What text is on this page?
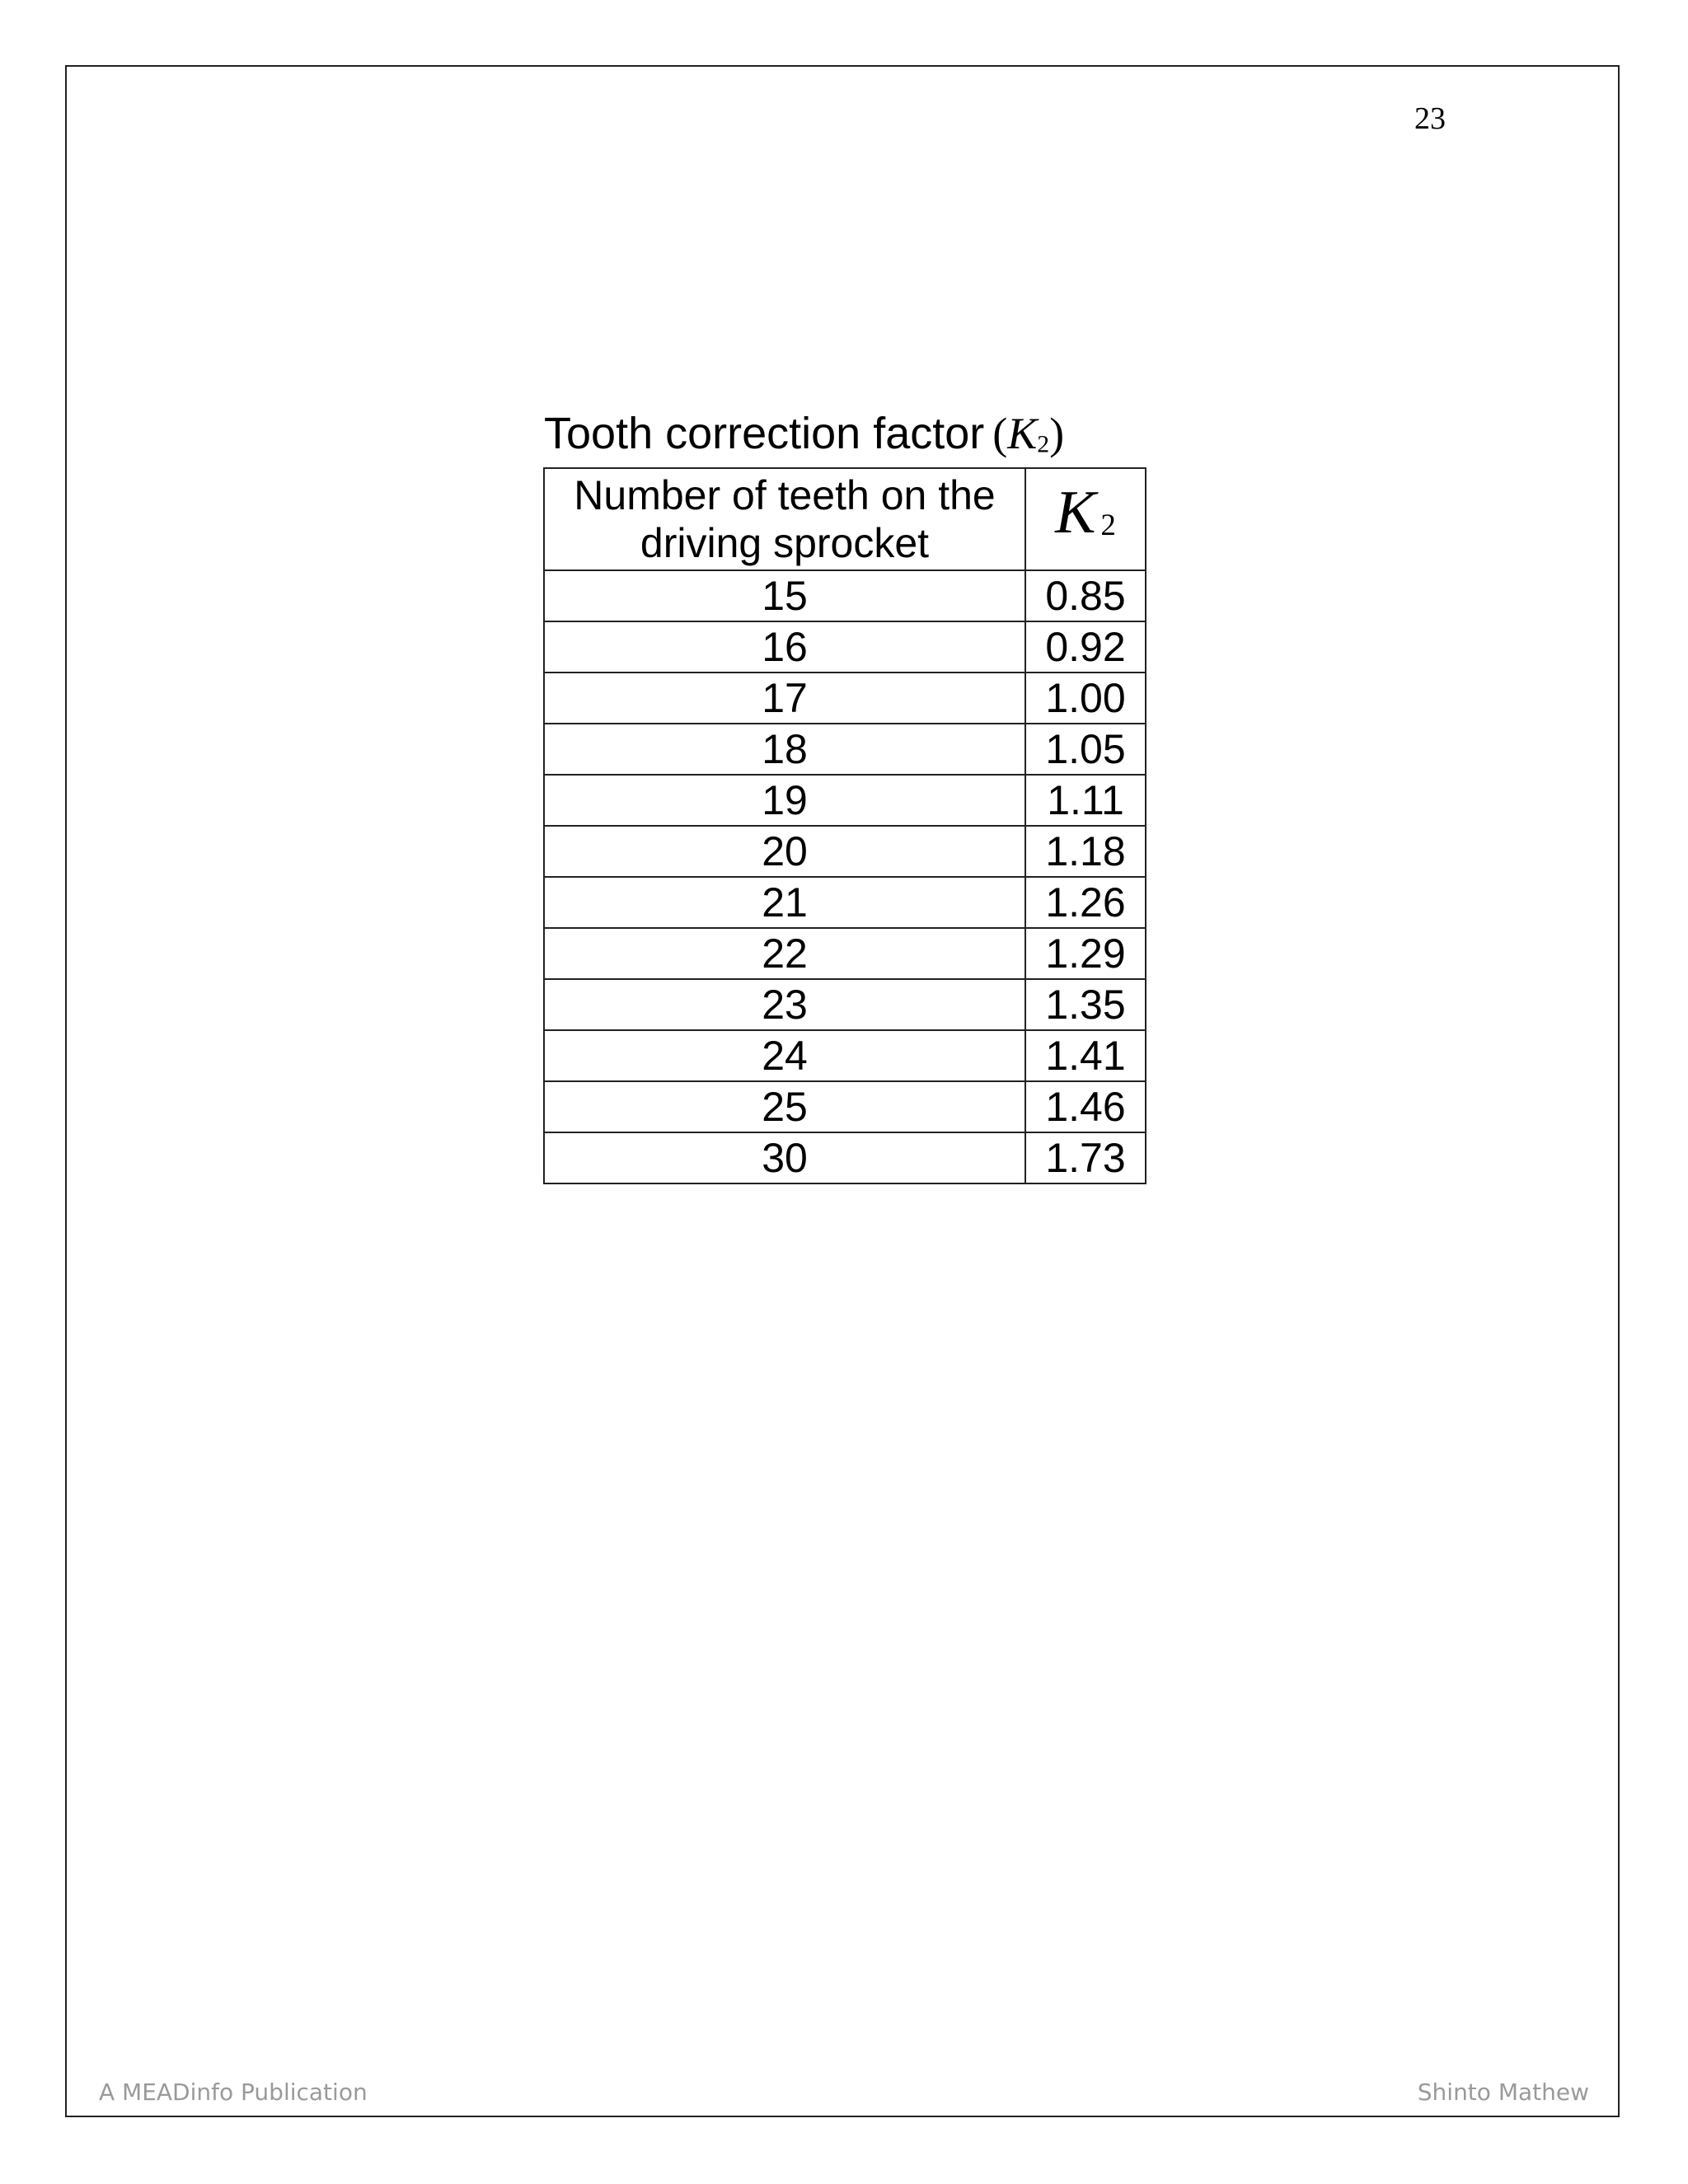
23
Tooth correction factor $(K_2)$
Number of teeth on the driving sprocket	K $_2$
15	0.85
16	0.92
17	1.00
18	1.05
19	1.11
20	1.18
21	1.26
22	1.29
23	1.35
24	1.41
25	1.46
30	1.73
A MEADinfo Publication	Shinto Mathew
